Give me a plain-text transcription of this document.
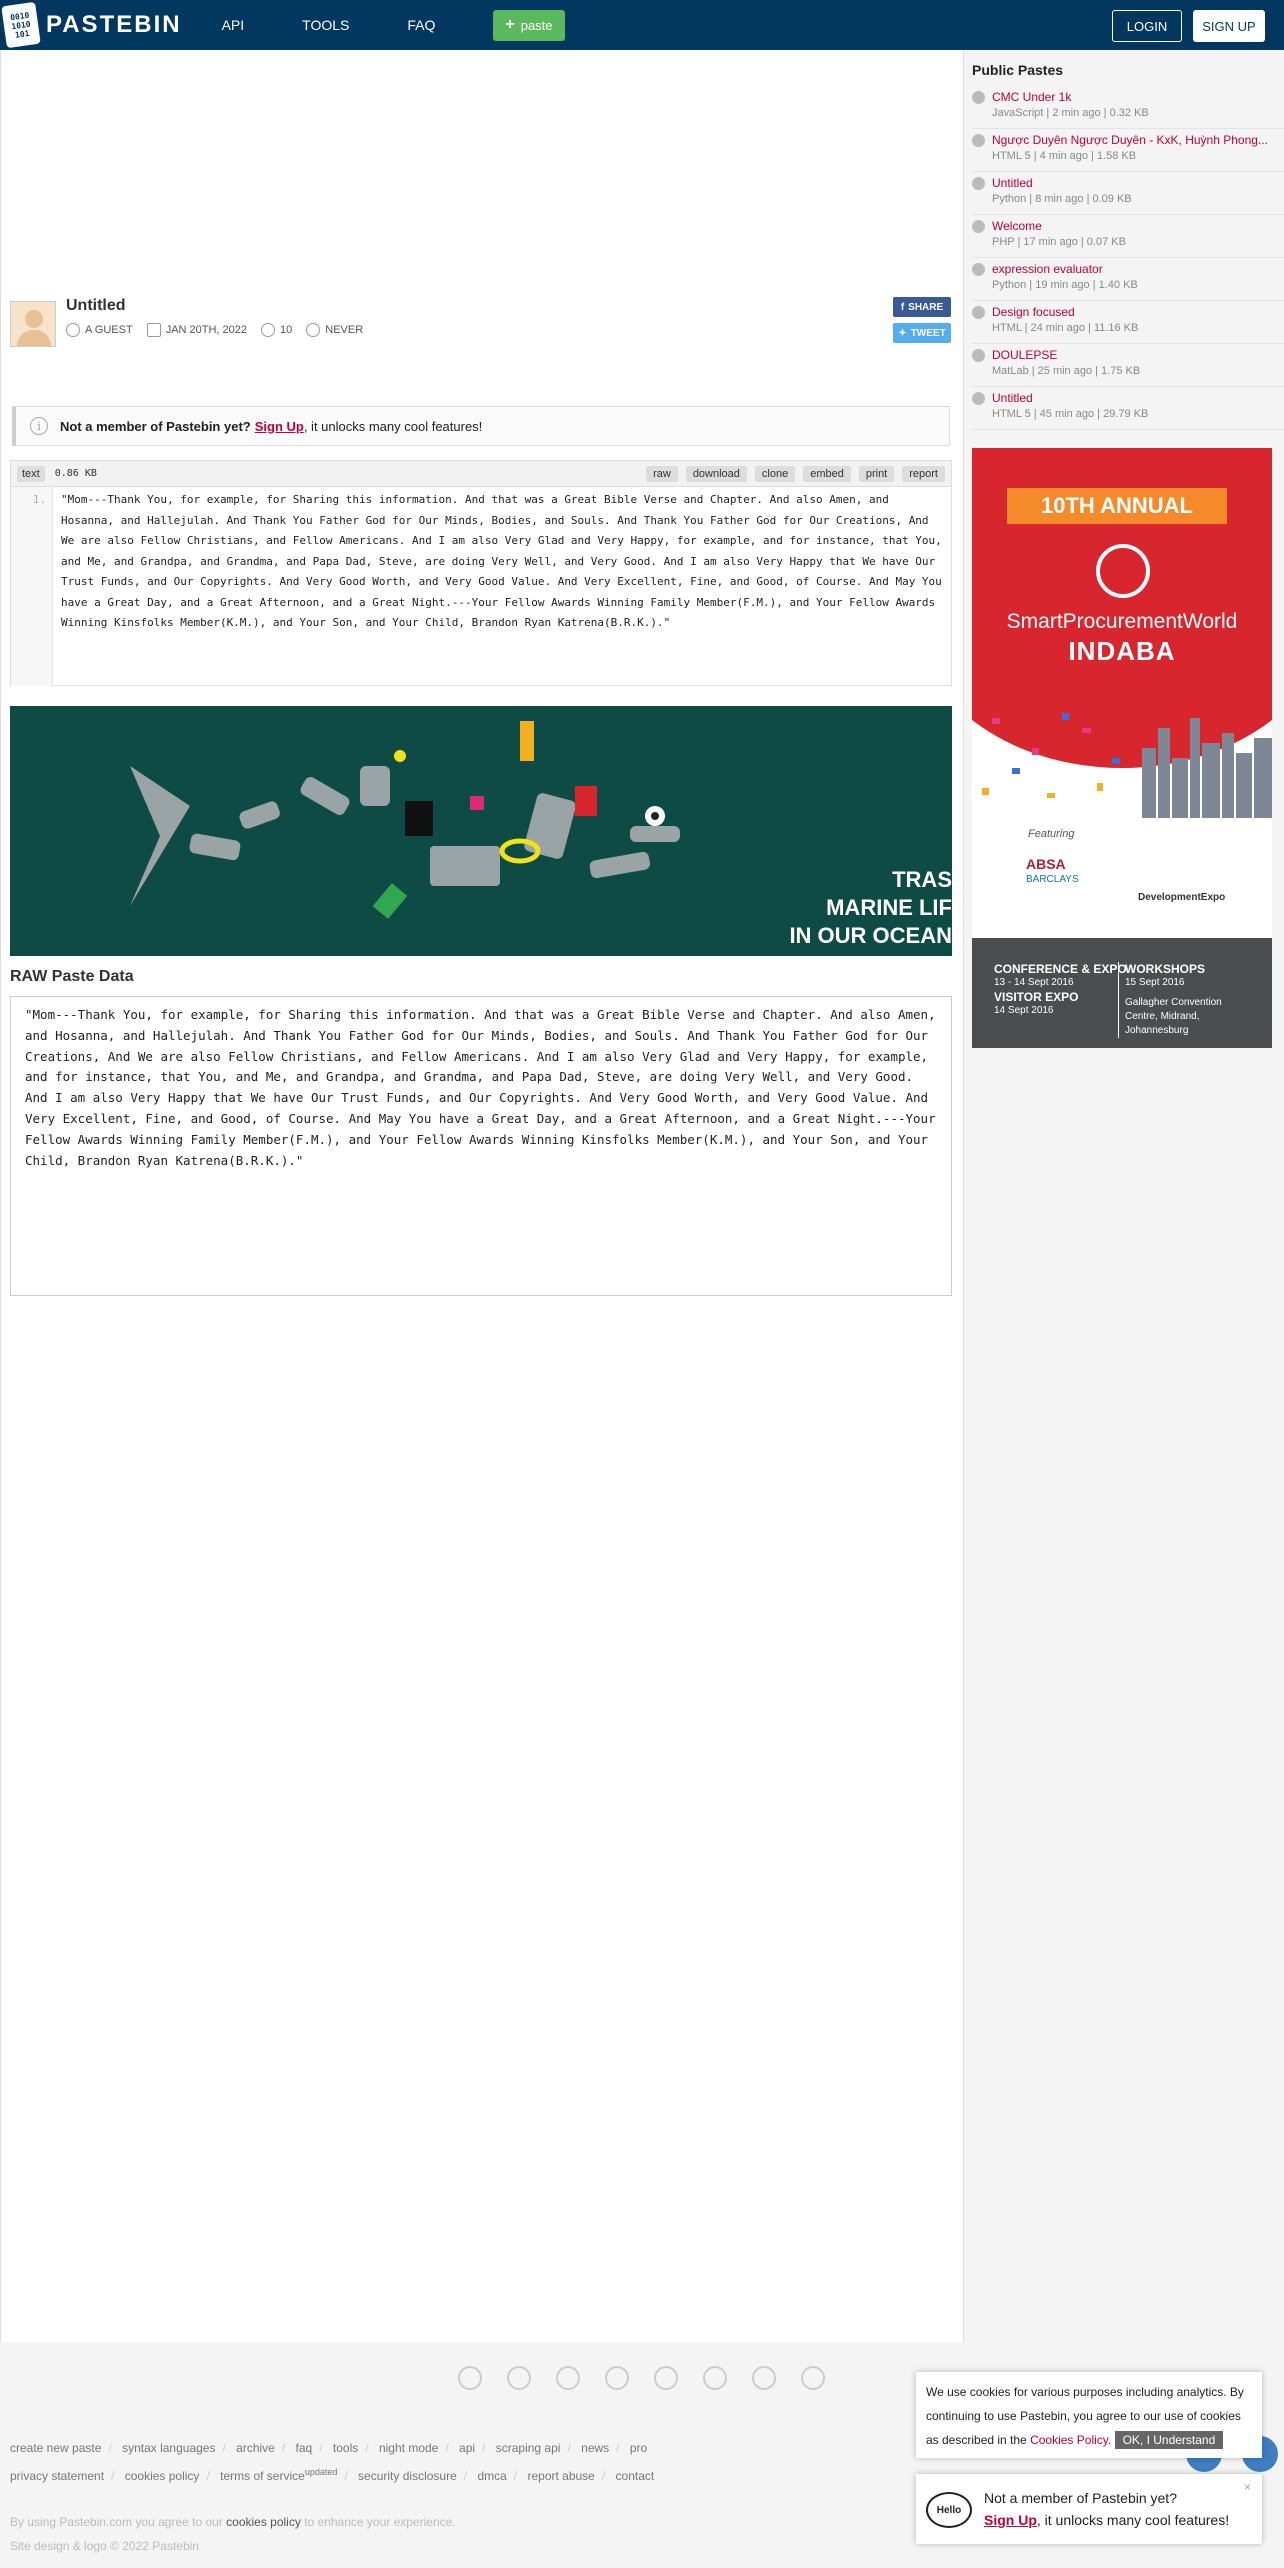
0010
1010
101 PASTEBIN	API	TOOLS	FAQ	+ paste	LOGIN	SIGN UP
Untitled
A GUEST	JAN 20TH, 2022	10	NEVER
f SHARE
✦ TWEET
i	Not a member of Pastebin yet? Sign Up , it unlocks many cool features!
text	0.86 KB	raw	download	clone	embed	print	report
1.	"Mom---Thank You, for example, for Sharing this information. And that was a Great Bible Verse and Chapter. And also Amen, and Hosanna, and Hallejulah. And Thank You Father God for Our Minds, Bodies, and Souls. And Thank You Father God for Our Creations, And We are also Fellow Christians, and Fellow Americans. And I am also Very Glad and Very Happy, for example, and for instance, that You, and Me, and Grandpa, and Grandma, and Papa Dad, Steve, are doing Very Well, and Very Good. And I am also Very Happy that We have Our Trust Funds, and Our Copyrights. And Very Good Worth, and Very Good Value. And Very Excellent, Fine, and Good, of Course. And May You have a Great Day, and a Great Afternoon, and a Great Night.---Your Fellow Awards Winning Family Member(F.M.), and Your Fellow Awards Winning Kinsfolks Member(K.M.), and Your Son, and Your Child, Brandon Ryan Katrena(B.R.K.)."
TRAS
MARINE LIF
IN OUR OCEAN
RAW Paste Data
"Mom---Thank You, for example, for Sharing this information. And that was a Great Bible Verse and Chapter. And also Amen, and Hosanna, and Hallejulah. And Thank You Father God for Our Minds, Bodies, and Souls. And Thank You Father God for Our Creations, And We are also Fellow Christians, and Fellow Americans. And I am also Very Glad and Very Happy, for example, and for instance, that You, and Me, and Grandpa, and Grandma, and Papa Dad, Steve, are doing Very Well, and Very Good. And I am also Very Happy that We have Our Trust Funds, and Our Copyrights. And Very Good Worth, and Very Good Value. And Very Excellent, Fine, and Good, of Course. And May You have a Great Day, and a Great Afternoon, and a Great Night.---Your Fellow Awards Winning Family Member(F.M.), and Your Fellow Awards Winning Kinsfolks Member(K.M.), and Your Son, and Your Child, Brandon Ryan Katrena(B.R.K.)."
Public Pastes
CMC Under 1k
JavaScript | 2 min ago | 0.32 KB
Ngược Duyên Ngược Duyên - KxK, Huỳnh Phong...
HTML 5 | 4 min ago | 1.58 KB
Untitled
Python | 8 min ago | 0.09 KB
Welcome
PHP | 17 min ago | 0.07 KB
expression evaluator
Python | 19 min ago | 1.40 KB
Design focused
HTML | 24 min ago | 11.16 KB
DOULEPSE
MatLab | 25 min ago | 1.75 KB
Untitled
HTML 5 | 45 min ago | 29.79 KB
10TH ANNUAL
SmartProcurementWorld
INDABA
Featuring
ABSA
BARCLAYS
DevelopmentExpo
CONFERENCE & EXPO
13 - 14 Sept 2016
VISITOR EXPO
14 Sept 2016
WORKSHOPS
15 Sept 2016
Gallagher Convention Centre, Midrand, Johannesburg
create new paste / syntax languages / archive / faq / tools / night mode / api / scraping api / news / pro
privacy statement / cookies policy / terms of service$^{updated}$ / security disclosure / dmca / report abuse / contact
By using Pastebin.com you agree to our cookies policy to enhance your experience.
Site design & logo © 2022 Pastebin
We use cookies for various purposes including analytics. By continuing to use Pastebin, you agree to our use of cookies as described in the Cookies Policy. OK, I Understand
Hello
Not a member of Pastebin yet?
Sign Up, it unlocks many cool features!
×
